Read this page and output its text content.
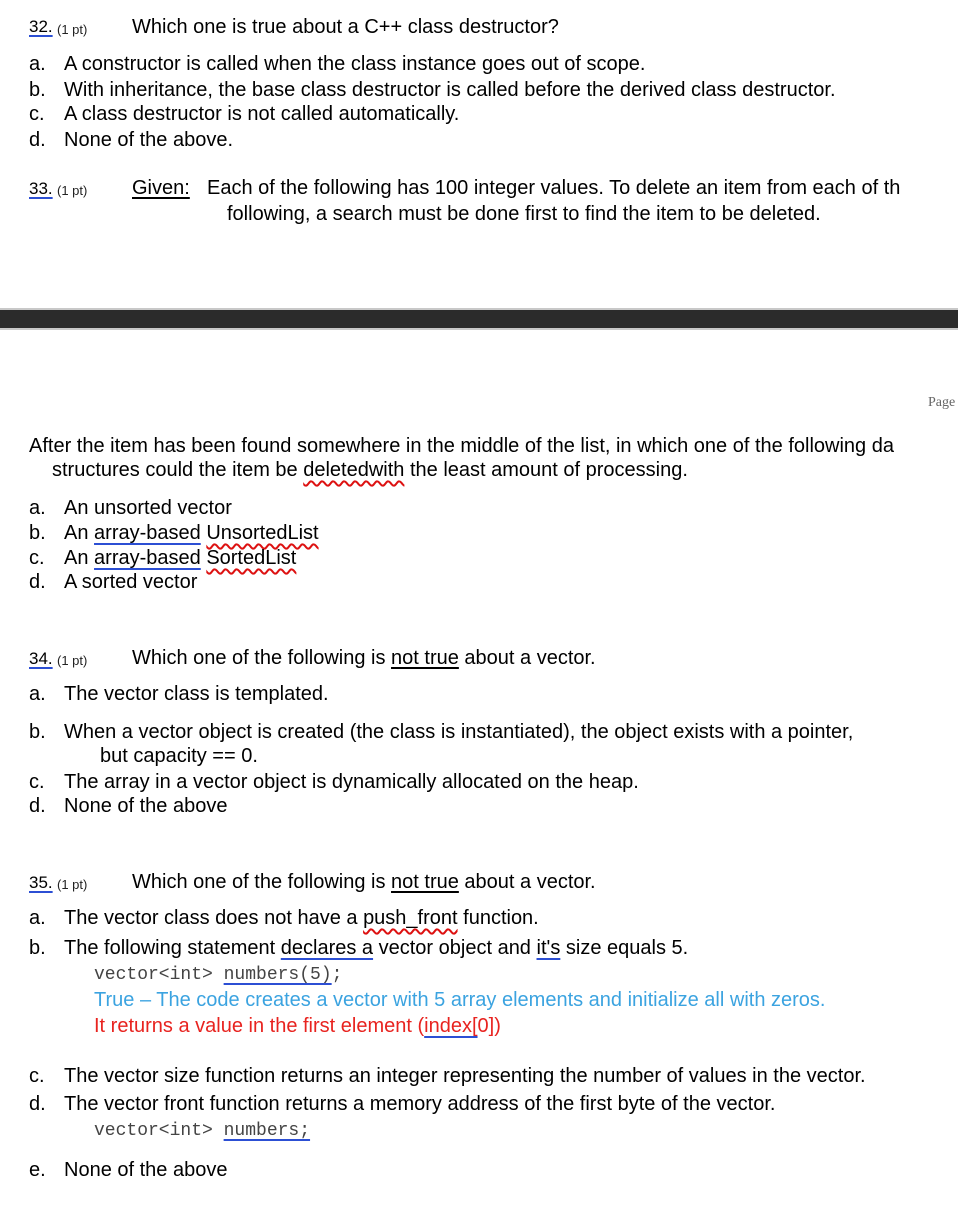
32. (1 pt) Which one is true about a C++ class destructor?
a. A constructor is called when the class instance goes out of scope.
b. With inheritance, the base class destructor is called before the derived class destructor.
c. A class destructor is not called automatically.
d. None of the above.
33. (1 pt) Given: Each of the following has 100 integer values. To delete an item from each of th
following, a search must be done first to find the item to be deleted.
Page
After the item has been found somewhere in the middle of the list, in which one of the following da
structures could the item be deletedwith the least amount of processing.
a. An unsorted vector
b. An array-based UnsortedList
c. An array-based SortedList
d. A sorted vector
34. (1 pt) Which one of the following is not true about a vector.
a. The vector class is templated.
b. When a vector object is created (the class is instantiated), the object exists with a pointer,
but capacity == 0.
c. The array in a vector object is dynamically allocated on the heap.
d. None of the above
35. (1 pt) Which one of the following is not true about a vector.
a. The vector class does not have a push_front function.
b. The following statement declares a vector object and it's size equals 5.
vector<int> numbers(5);
True – The code creates a vector with 5 array elements and initialize all with zeros.
It returns a value in the first element (index[0])
c. The vector size function returns an integer representing the number of values in the vector.
d. The vector front function returns a memory address of the first byte of the vector.
vector<int> numbers;
e. None of the above
